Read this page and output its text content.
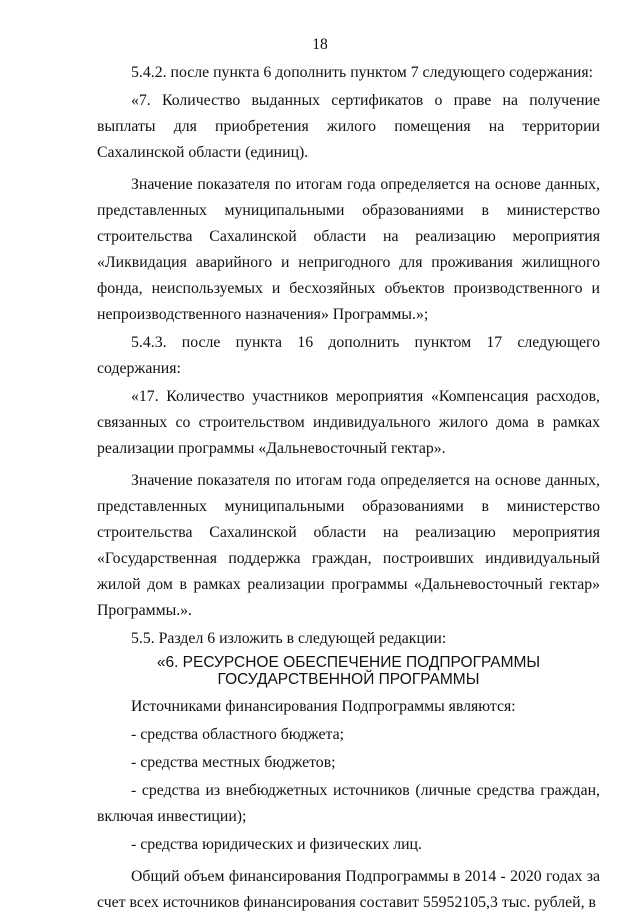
18

5.4.2. после пункта 6 дополнить пунктом 7 следующего содержания:

«7. Количество выданных сертификатов о праве на получение выплаты для приобретения жилого помещения на территории Сахалинской области (единиц).

Значение показателя по итогам года определяется на основе данных, представленных муниципальными образованиями в министерство строительства Сахалинской области на реализацию мероприятия «Ликвидация аварийного и непригодного для проживания жилищного фонда, неиспользуемых и бесхозяйных объектов производственного и непроизводственного назначения» Программы.»;

5.4.3. после пункта 16 дополнить пунктом 17 следующего содержания:

«17. Количество участников мероприятия «Компенсация расходов, связанных со строительством индивидуального жилого дома в рамках реализации программы «Дальневосточный гектар».

Значение показателя по итогам года определяется на основе данных, представленных муниципальными образованиями в министерство строительства Сахалинской области на реализацию мероприятия «Государственная поддержка граждан, построивших индивидуальный жилой дом в рамках реализации программы «Дальневосточный гектар» Программы.».

5.5. Раздел 6 изложить в следующей редакции:

«6. РЕСУРСНОЕ ОБЕСПЕЧЕНИЕ ПОДПРОГРАММЫ
ГОСУДАРСТВЕННОЙ ПРОГРАММЫ

Источниками финансирования Подпрограммы являются:

- средства областного бюджета;

- средства местных бюджетов;

- средства из внебюджетных источников (личные средства граждан, включая инвестиции);

- средства юридических и физических лиц.

Общий объем финансирования Подпрограммы в 2014 - 2020 годах за счет всех источников финансирования составит 55952105,3 тыс. рублей, в
